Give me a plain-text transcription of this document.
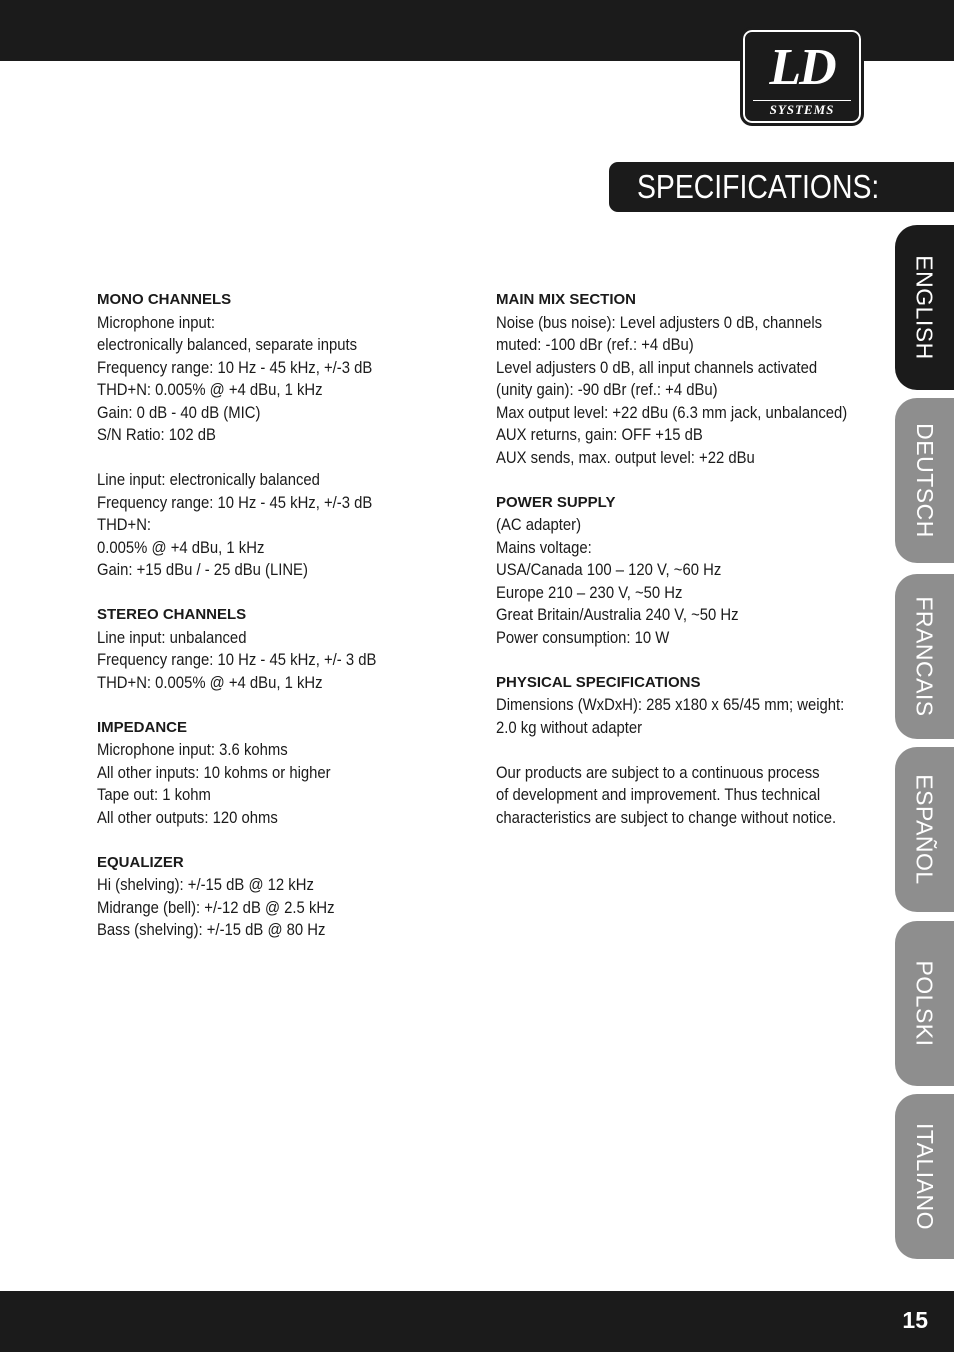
LD
SYSTEMS
SPECIFICATIONS:
MONO CHANNELS
Microphone input:
electronically balanced, separate inputs
Frequency range: 10 Hz - 45 kHz, +/-3 dB
THD+N: 0.005% @ +4 dBu, 1 kHz
Gain: 0 dB - 40 dB (MIC)
S/N Ratio: 102 dB
Line input: electronically balanced
Frequency range: 10 Hz - 45 kHz, +/-3 dB
THD+N:
0.005% @ +4 dBu, 1 kHz
Gain: +15 dBu / - 25 dBu (LINE)
STEREO CHANNELS
Line input: unbalanced
Frequency range: 10 Hz - 45 kHz, +/- 3 dB
THD+N: 0.005% @ +4 dBu, 1 kHz
IMPEDANCE
Microphone input: 3.6 kohms
All other inputs: 10 kohms or higher
Tape out: 1 kohm
All other outputs: 120 ohms
EQUALIZER
Hi (shelving): +/-15 dB @ 12 kHz
Midrange (bell): +/-12 dB @ 2.5 kHz
Bass (shelving): +/-15 dB @ 80 Hz
MAIN MIX SECTION
Noise (bus noise): Level adjusters 0 dB, channels
muted: -100 dBr (ref.: +4 dBu)
Level adjusters 0 dB, all input channels activated
(unity gain): -90 dBr (ref.: +4 dBu)
Max output level: +22 dBu (6.3 mm jack, unbalanced)
AUX returns, gain: OFF +15 dB
AUX sends, max. output level: +22 dBu
POWER SUPPLY
(AC adapter)
Mains voltage:
USA/Canada 100 – 120 V, ~60 Hz
Europe 210 – 230 V, ~50 Hz
Great Britain/Australia 240 V, ~50 Hz
Power consumption: 10 W
PHYSICAL SPECIFICATIONS
Dimensions (WxDxH): 285 x180 x 65/45 mm; weight:
2.0 kg without adapter
Our products are subject to a continuous process
of development and improvement. Thus technical
characteristics are subject to change without notice.
ENGLISH
DEUTSCH
FRANCAIS
ESPAÑOL
POLSKI
ITALIANO
15
